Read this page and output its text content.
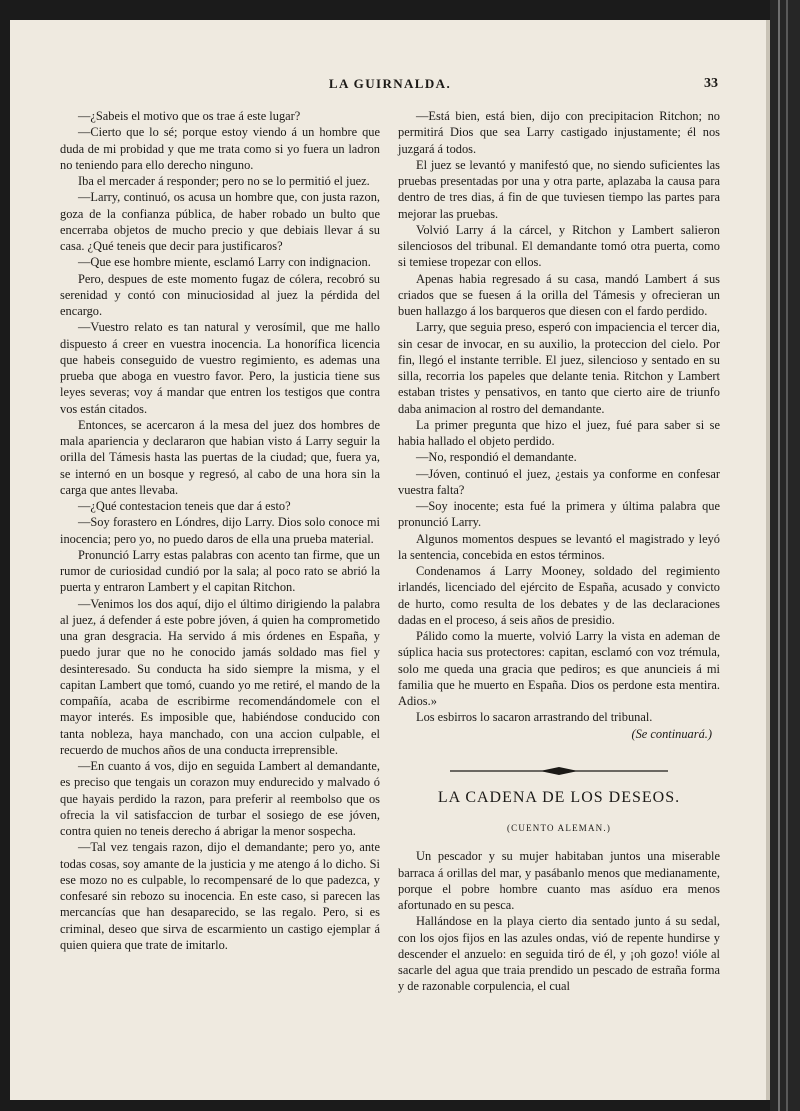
LA GUIRNALDA.	33

—¿Sabeis el motivo que os trae á este lugar?

—Cierto que lo sé; porque estoy viendo á un hombre que duda de mi probidad y que me trata como si yo fuera un ladron no teniendo para ello derecho ninguno.

Iba el mercader á responder; pero no se lo permitió el juez.

—Larry, continuó, os acusa un hombre que, con justa razon, goza de la confianza pública, de haber robado un bulto que encerraba objetos de mucho precio y que debiais llevar á su casa. ¿Qué teneis que decir para justificaros?

—Que ese hombre miente, esclamó Larry con indignacion.

Pero, despues de este momento fugaz de cólera, recobró su serenidad y contó con minuciosidad al juez la pérdida del encargo.

—Vuestro relato es tan natural y verosímil, que me hallo dispuesto á creer en vuestra inocencia. La honorífica licencia que habeis conseguido de vuestro regimiento, es ademas una prueba que aboga en vuestro favor. Pero, la justicia tiene sus leyes severas; voy á mandar que entren los testigos que contra vos están citados.

Entonces, se acercaron á la mesa del juez dos hombres de mala apariencia y declararon que habian visto á Larry seguir la orilla del Támesis hasta las puertas de la ciudad; que, fuera ya, se internó en un bosque y regresó, al cabo de una hora sin la carga que antes llevaba.

—¿Qué contestacion teneis que dar á esto?

—Soy forastero en Lóndres, dijo Larry. Dios solo conoce mi inocencia; pero yo, no puedo daros de ella una prueba material.

Pronunció Larry estas palabras con acento tan firme, que un rumor de curiosidad cundió por la sala; al poco rato se abrió la puerta y entraron Lambert y el capitan Ritchon.

—Venimos los dos aquí, dijo el último dirigiendo la palabra al juez, á defender á este pobre jóven, á quien ha comprometido una gran desgracia. Ha servido á mis órdenes en España, y puedo jurar que no he conocido jamás soldado mas fiel y desinteresado. Su conducta ha sido siempre la misma, y el capitan Lambert que tomó, cuando yo me retiré, el mando de la compañía, acaba de escribirme recomendándomele con el mayor interés. Es imposible que, habiéndose conducido con tanta nobleza, haya manchado, con una accion culpable, el recuerdo de muchos años de una conducta irreprensible.

—En cuanto á vos, dijo en seguida Lambert al demandante, es preciso que tengais un corazon muy endurecido y malvado ó que hayais perdido la razon, para preferir al reembolso que os ofrecia la vil satisfaccion de turbar el sosiego de ese jóven, contra quien no teneis derecho á abrigar la menor sospecha.

—Tal vez tengais razon, dijo el demandante; pero yo, ante todas cosas, soy amante de la justicia y me atengo á lo dicho. Si ese mozo no es culpable, lo recompensaré de lo que padezca, y confesaré sin rebozo su inocencia. En este caso, si parecen las mercancías que han desaparecido, se las regalo. Pero, si es criminal, deseo que sirva de escarmiento un castigo ejemplar á quien quiera que trate de imitarlo.

—Está bien, está bien, dijo con precipitacion Ritchon; no permitirá Dios que sea Larry castigado injustamente; él nos juzgará á todos.

El juez se levantó y manifestó que, no siendo suficientes las pruebas presentadas por una y otra parte, aplazaba la causa para dentro de tres dias, á fin de que tuviesen tiempo las partes para mejorar las pruebas.

Volvió Larry á la cárcel, y Ritchon y Lambert salieron silenciosos del tribunal. El demandante tomó otra puerta, como si temiese tropezar con ellos.

Apenas habia regresado á su casa, mandó Lambert á sus criados que se fuesen á la orilla del Támesis y ofrecieran un buen hallazgo á los barqueros que diesen con el fardo perdido.

Larry, que seguia preso, esperó con impaciencia el tercer dia, sin cesar de invocar, en su auxilio, la proteccion del cielo. Por fin, llegó el instante terrible. El juez, silencioso y sentado en su silla, recorria los papeles que delante tenia. Ritchon y Lambert estaban tristes y pensativos, en tanto que cierto aire de triunfo daba animacion al rostro del demandante.

La primer pregunta que hizo el juez, fué para saber si se habia hallado el objeto perdido.

—No, respondió el demandante.

—Jóven, continuó el juez, ¿estais ya conforme en confesar vuestra falta?

—Soy inocente; esta fué la primera y última palabra que pronunció Larry.

Algunos momentos despues se levantó el magistrado y leyó la sentencia, concebida en estos términos.

Condenamos á Larry Mooney, soldado del regimiento irlandés, licenciado del ejército de España, acusado y convicto de hurto, como resulta de los debates y de las declaraciones dadas en el proceso, á seis años de presidio.

Pálido como la muerte, volvió Larry la vista en ademan de súplica hacia sus protectores: capitan, esclamó con voz trémula, solo me queda una gracia que pediros; es que anuncieis á mi familia que he muerto en España. Dios os perdone esta mentira. Adios.»

Los esbirros lo sacaron arrastrando del tribunal.

(Se continuará.)

LA CADENA DE LOS DESEOS.
(CUENTO ALEMAN.)

Un pescador y su mujer habitaban juntos una miserable barraca á orillas del mar, y pasábanlo menos que medianamente, porque el pobre hombre cuanto mas asíduo era menos afortunado en su pesca.

Hallándose en la playa cierto dia sentado junto á su sedal, con los ojos fijos en las azules ondas, vió de repente hundirse y descender el anzuelo: en seguida tiró de él, y ¡oh gozo! vióle al sacarle del agua que traia prendido un pescado de estraña forma y de razonable corpulencia, el cual
